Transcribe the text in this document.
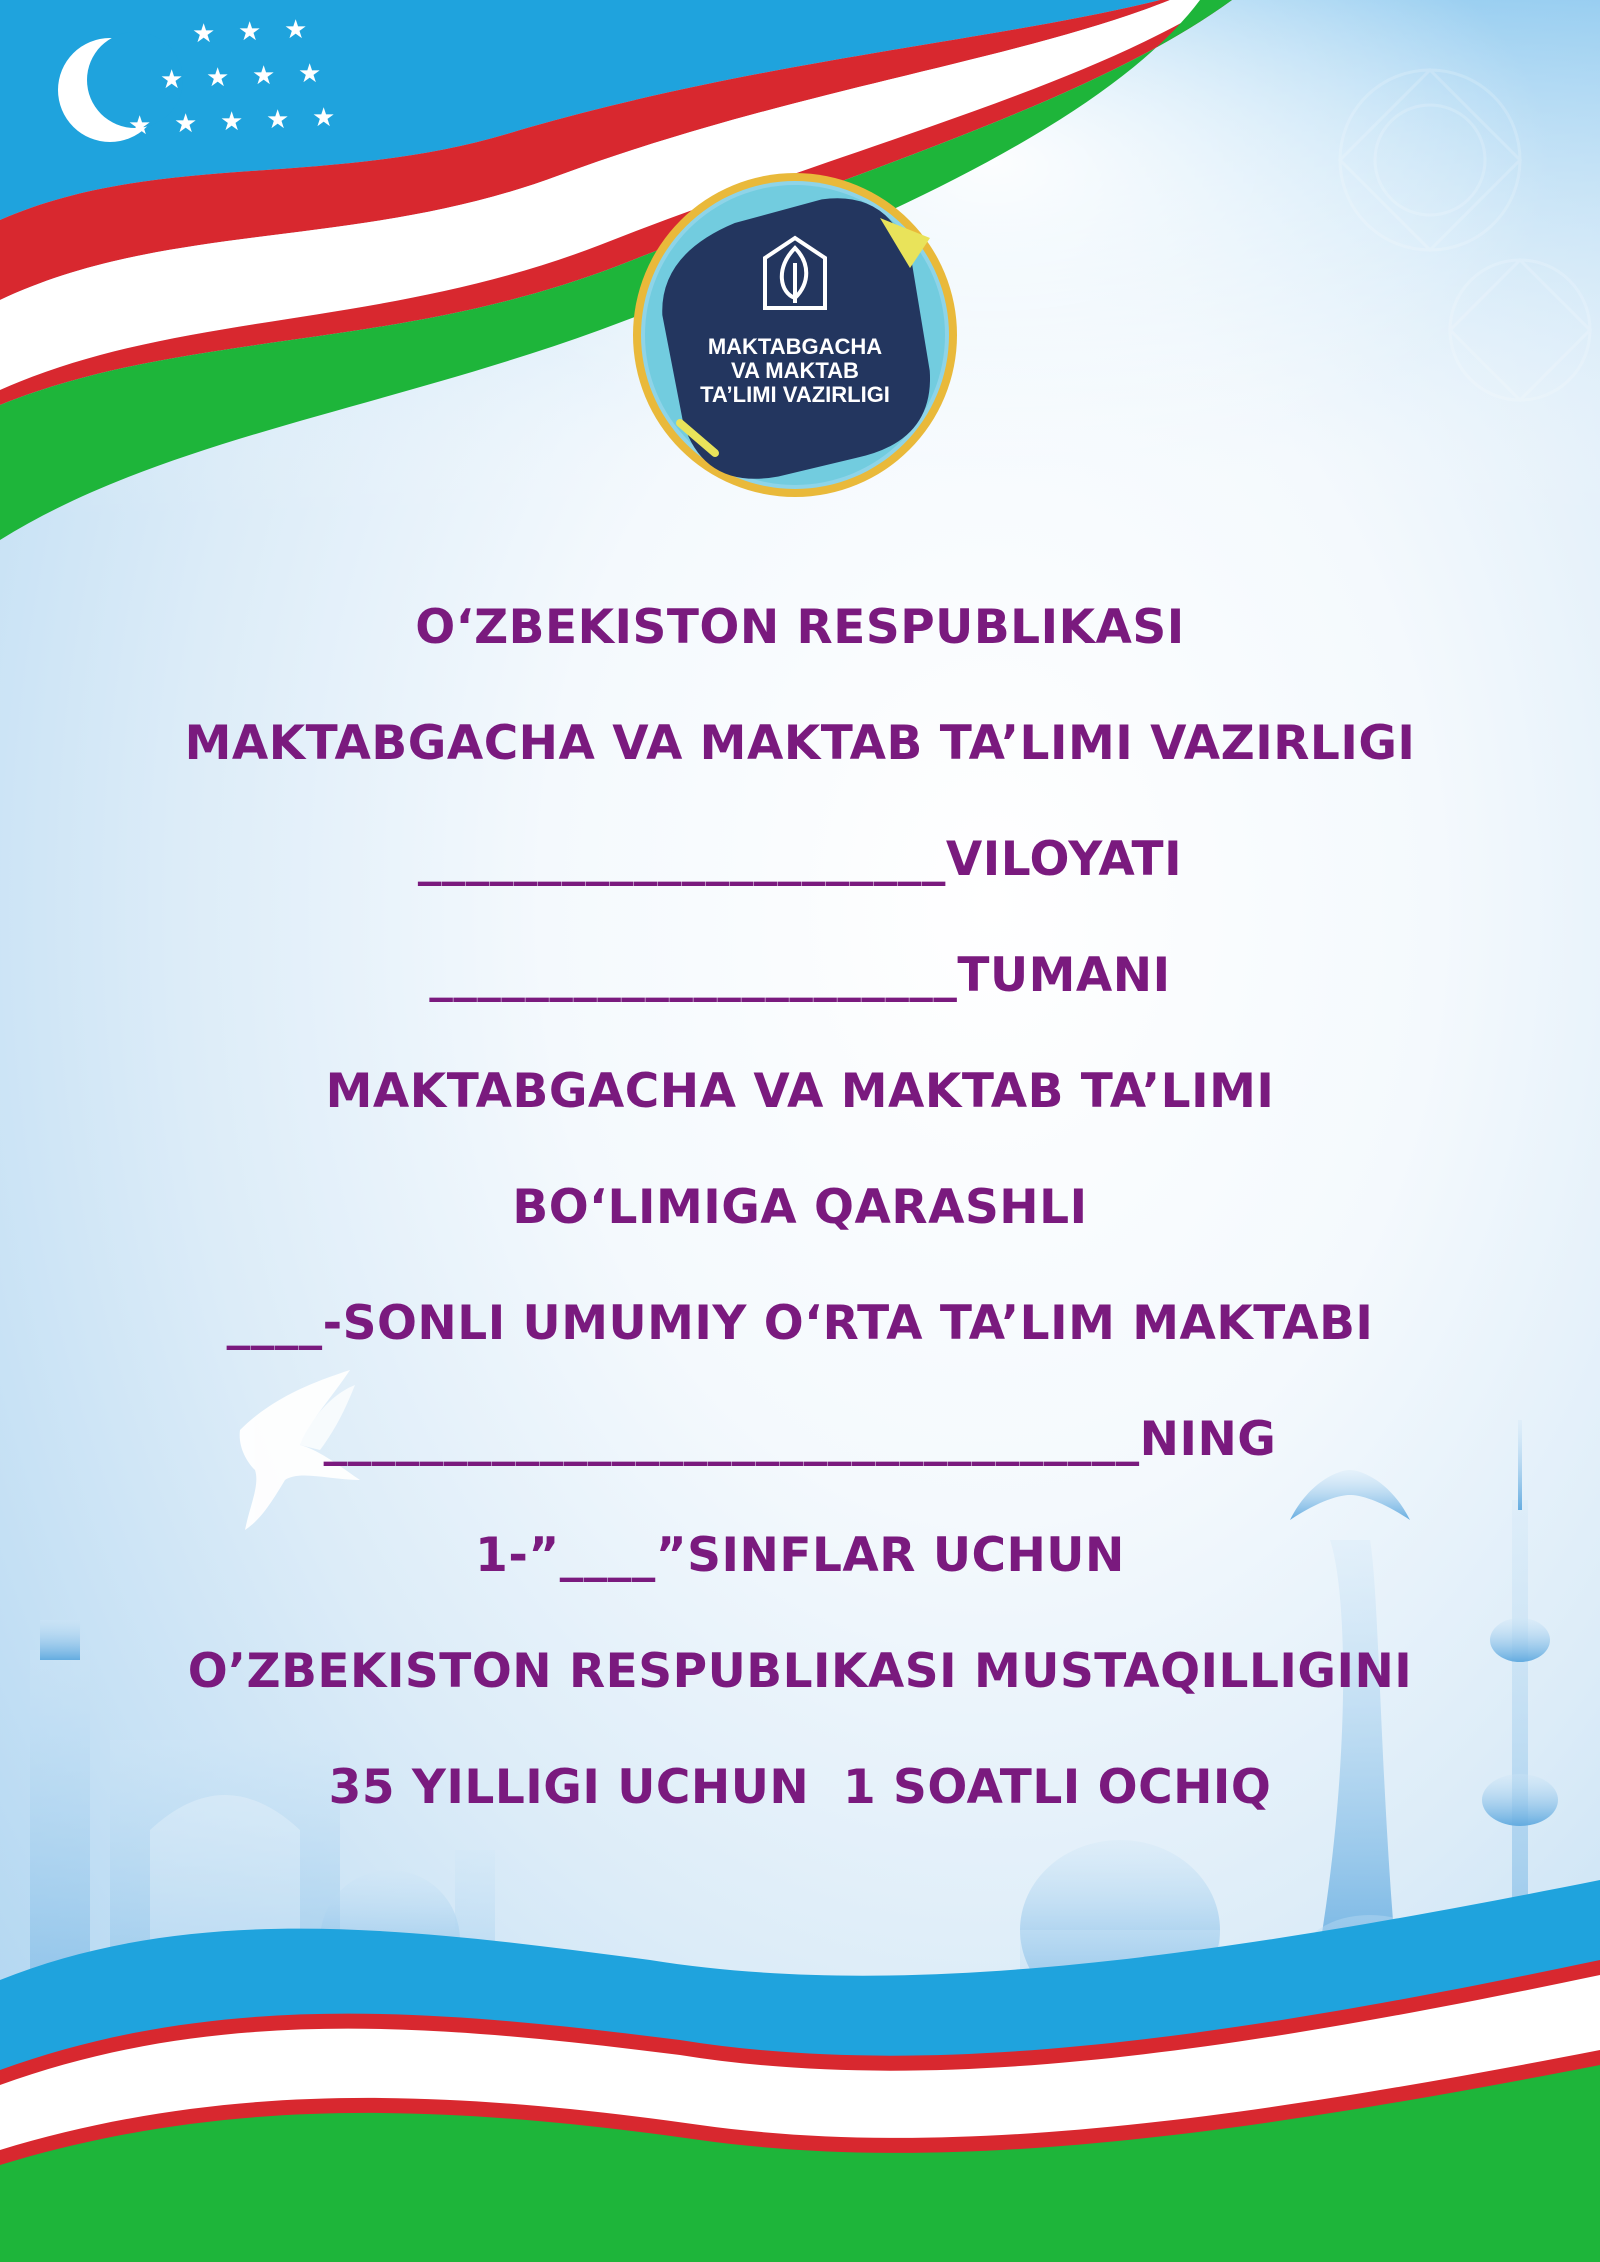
★ ★ ★
★ ★ ★ ★
★ ★ ★ ★ ★
MAKTABGACHA
VA MAKTAB
TA’LIMI VAZIRLIGI
O‘ZBEKISTON RESPUBLIKASI
MAKTABGACHA VA MAKTAB TA’LIMI VAZIRLIGI
______________________VILOYATI
______________________TUMANI
MAKTABGACHA VA MAKTAB TA’LIMI
BO‘LIMIGA QARASHLI
____-SONLI UMUMIY O‘RTA TA’LIM MAKTABI
__________________________________NING
1-”____”SINFLAR UCHUN
O’ZBEKISTON RESPUBLIKASI MUSTAQILLIGINI
35 YILLIGI UCHUN  1 SOATLI OCHIQ
